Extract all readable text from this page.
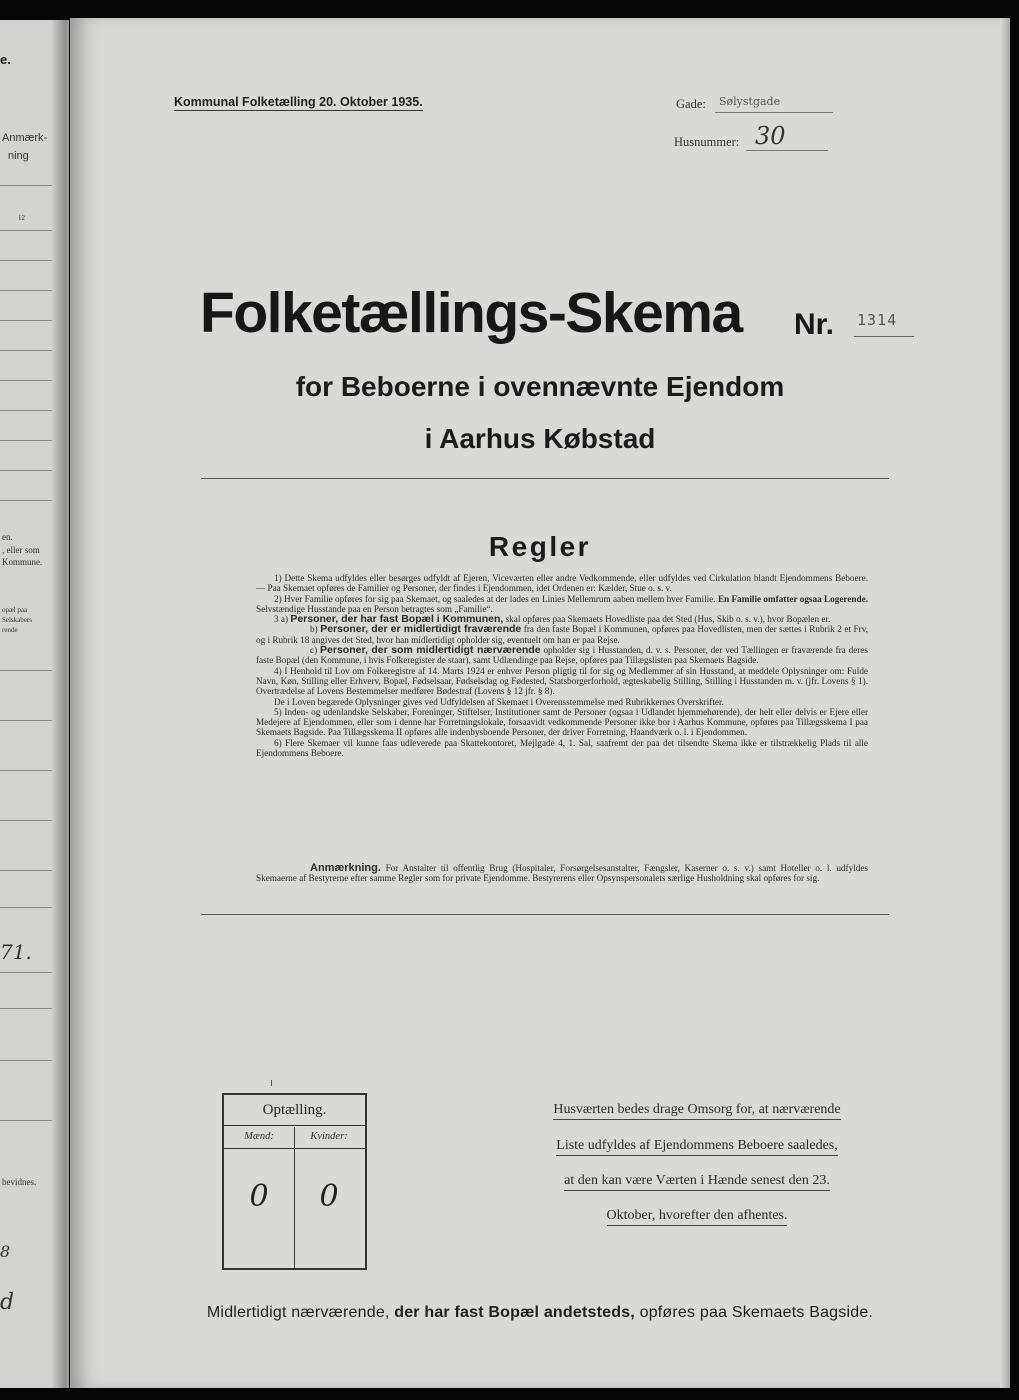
e.
Anmærk-
ning
12
en.
, eller som
Kommune.
opæl paa
Selskabers
rende
71.
bevidnes.
8
d
Kommunal Folketælling 20. Oktober 1935.	Gade: Sølystgade
Husnummer: 30
Folketællings-Skema Nr. 1314
for Beboerne i ovennævnte Ejendom
i Aarhus Købstad
Regler

1) Dette Skema udfyldes eller besørges udfyldt af Ejeren, Viceværten eller andre Vedkommende, eller udfyldes ved Cirkulation blandt Ejendommens Beboere. — Paa Skemaet opføres de Familier og Personer, der findes i Ejendommen, idet Ordenen er: Kælder, Stue o. s. v.

2) Hver Familie opføres for sig paa Skemaet, og saaledes at der lades en Linies Mellemrum aaben mellem hver Familie. En Familie omfatter ogsaa Logerende. Selvstændige Husstande paa en Person betragtes som „Familie“.

3 a) Personer, der har fast Bopæl i Kommunen, skal opføres paa Skemaets Hovedliste paa det Sted (Hus, Skib o. s. v.), hvor Bopælen er.

b) Personer, der er midlertidigt fraværende fra den faste Bopæl i Kommunen, opføres paa Hovedlisten, men der sættes i Rubrik 2 et Frv, og i Rubrik 18 angives det Sted, hvor han midlertidigt opholder sig, eventuelt om han er paa Rejse.

c) Personer, der som midlertidigt nærværende opholder sig i Husstanden, d. v. s. Personer, der ved Tællingen er fraværende fra deres faste Bopæl (den Kommune, i hvis Folkeregister de staar), samt Udlændinge paa Rejse, opføres paa Tillægslisten paa Skemaets Bagside.

4) I Henhold til Lov om Folkeregistre af 14. Marts 1924 er enhver Person pligtig til for sig og Medlemmer af sin Husstand, at meddele Oplysninger om: Fulde Navn, Køn, Stilling eller Erhverv, Bopæl, Fødselsaar, Fødselsdag og Fødested, Statsborgerforhold, ægteskabelig Stilling, Stilling i Husstanden m. v. (jfr. Lovens § 1). Overtrædelse af Lovens Bestemmelser medfører Bødestraf (Lovens § 12 jfr. § 8).

De i Loven begærede Oplysninger gives ved Udfyldelsen af Skemaet i Overensstemmelse med Rubrikkernes Overskrifter.

5) Inden- og udenlandske Selskaber, Foreninger, Stiftelser, Institutioner samt de Personer (ogsaa i Udlandet hjemmehørende), der helt eller delvis er Ejere eller Medejere af Ejendommen, eller som i denne har Forretningslokale, forsaavidt vedkommende Personer ikke bor i Aarhus Kommune, opføres paa Tillægsskema I paa Skemaets Bagside. Paa Tillægsskema II opføres alle indenbysboende Personer, der driver Forretning, Haandværk o. l. i Ejendommen.

6) Flere Skemaer vil kunne faas udleverede paa Skattekontoret, Mejlgade 4, 1. Sal, saafremt der paa det tilsendte Skema ikke er tilstrækkelig Plads til alle Ejendommens Beboere.

Anmærkning. For Anstalter til offentlig Brug (Hospitaler, Forsørgelsesanstalter, Fængsler, Kaserner o. s. v.) samt Hoteller o. l. udfyldes Skemaerne af Bestyrerne efter samme Regler som for private Ejendomme. Bestyrerens eller Opsynspersonalets særlige Husholdning skal opføres for sig.
Optælling.
Mænd:
0
Kvinder:
0
Husværten bedes drage Omsorg for, at nærværende
Liste udfyldes af Ejendommens Beboere saaledes,
at den kan være Værten i Hænde senest den 23.
Oktober, hvorefter den afhentes.
Midlertidigt nærværende, der har fast Bopæl andetsteds, opføres paa Skemaets Bagside.
